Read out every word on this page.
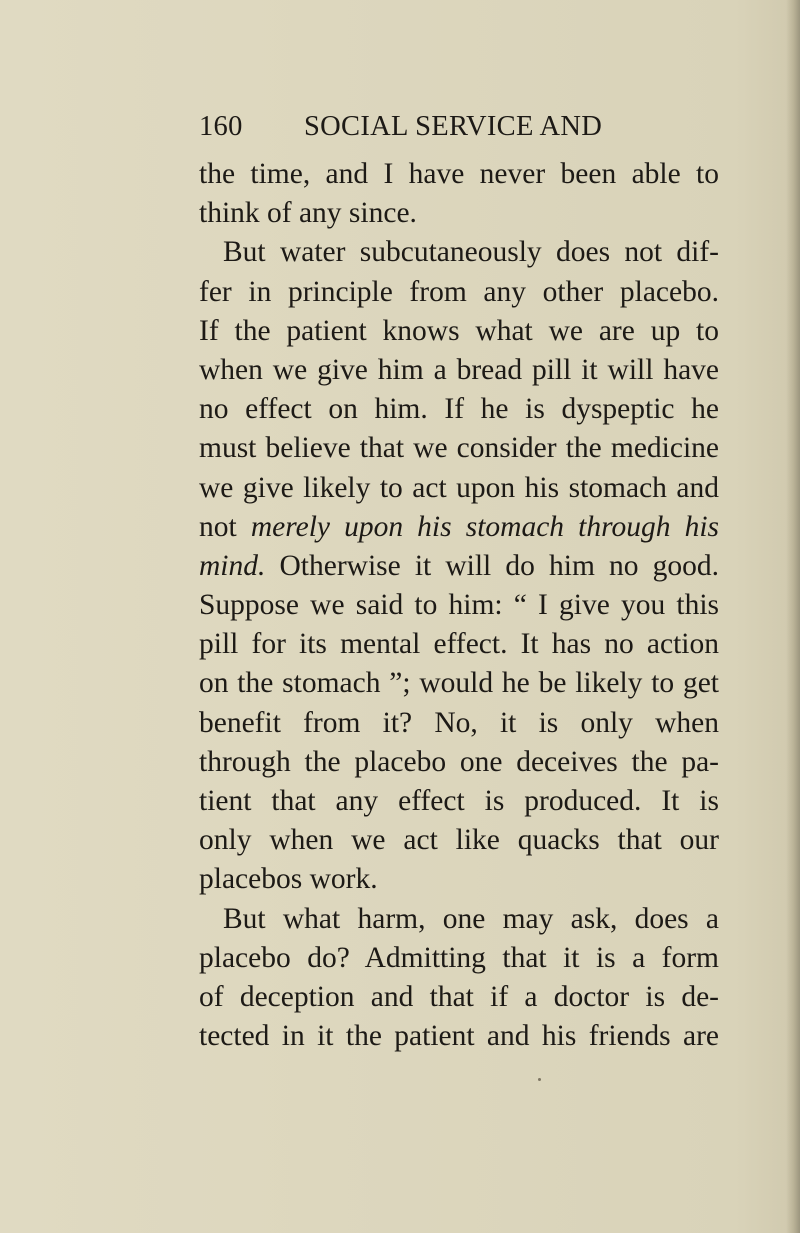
160 SOCIAL SERVICE AND
the time, and I have never been able to
think of any since.
But water subcutaneously does not dif-
fer in principle from any other placebo.
If the patient knows what we are up to
when we give him a bread pill it will have
no effect on him. If he is dyspeptic he
must believe that we consider the medicine
we give likely to act upon his stomach and
not merely upon his stomach through his
mind. Otherwise it will do him no good.
Suppose we said to him: “ I give you this
pill for its mental effect. It has no action
on the stomach ”; would he be likely to get
benefit from it? No, it is only when
through the placebo one deceives the pa-
tient that any effect is produced. It is
only when we act like quacks that our
placebos work.
But what harm, one may ask, does a
placebo do? Admitting that it is a form
of deception and that if a doctor is de-
tected in it the patient and his friends are
